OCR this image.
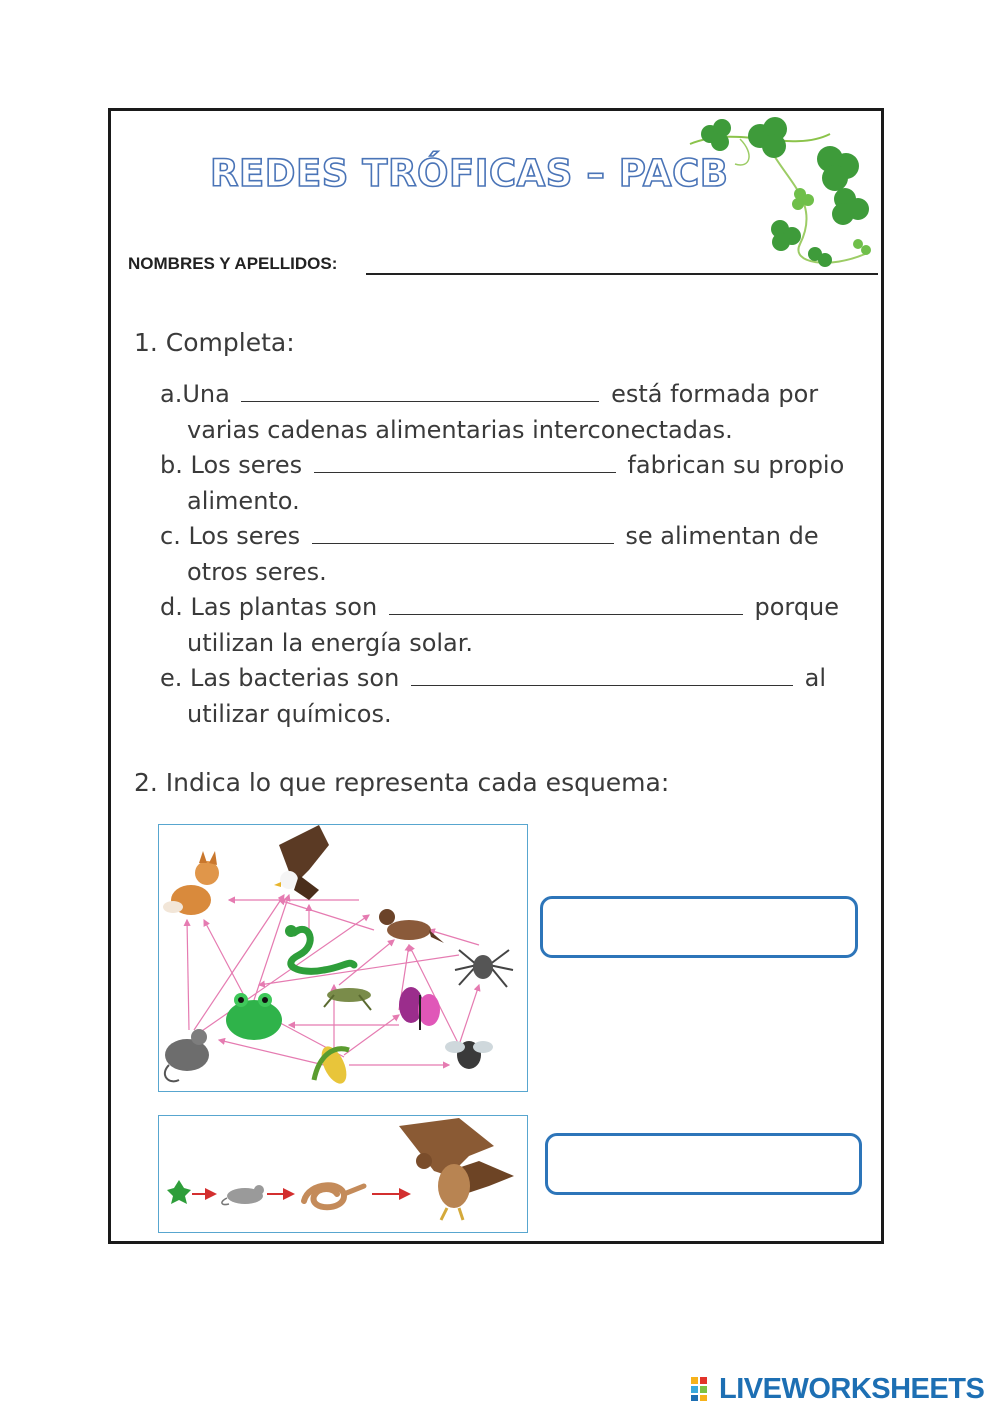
REDES TRÓFICAS – PACB
NOMBRES Y APELLIDOS:
1. Completa:
a.Una	está formada por
varias cadenas alimentarias interconectadas.
b. Los seres	fabrican su propio
alimento.
c. Los seres	se alimentan de
otros seres.
d. Las plantas son	porque
utilizan la energía solar.
e. Las bacterias son	al
utilizar químicos.
2. Indica lo que representa cada esquema:
LIVEWORKSHEETS
